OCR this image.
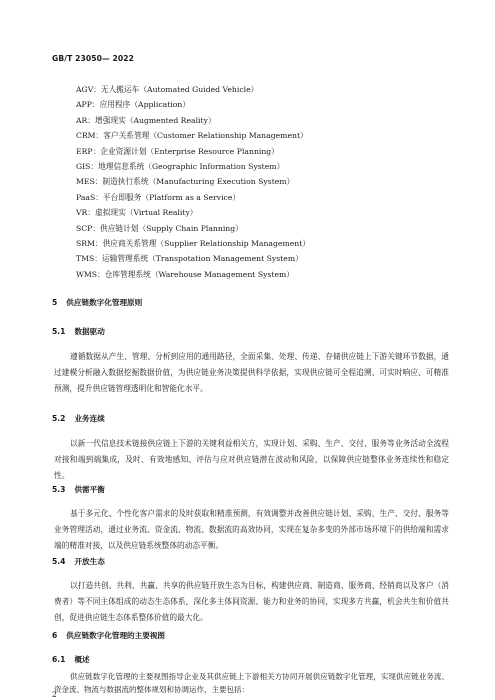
GB/T 23050— 2022
AGV：无人搬运车（Automated Guided Vehicle）
APP：应用程序（Application）
AR：增强现实（Augmented Reality）
CRM：客户关系管理（Customer Relationship Management）
ERP：企业资源计划（Enterprise Resource Planning）
GIS：地理信息系统（Geographic Information System）
MES：制造执行系统（Manufacturing Execution System）
PaaS：平台即服务（Platform as a Service）
VR：虚拟现实（Virtual Reality）
SCP：供应链计划（Supply Chain Planning）
SRM：供应商关系管理（Supplier Relationship Management）
TMS：运输管理系统（Transpotation Management System）
WMS：仓库管理系统（Warehouse Management System）
5 供应链数字化管理原则
5.1 数据驱动

遵循数据从产生、管理、分析到应用的通用路径，全面采集、处理、传递、存储供应链上下游关键环节数据，通过建模分析融入数据挖掘数据价值，为供应链业务决策提供科学依据，实现供应链可全程追溯、可实时响应、可精准预测，提升供应链管理透明化和智能化水平。

5.2 业务连续

以新一代信息技术链接供应链上下游的关键利益相关方，实现计划、采购、生产、交付、服务等业务活动全流程对接和端到端集成，及时、有效地感知、评估与应对供应链潜在波动和风险，以保障供应链整体业务连续性和稳定性。

5.3 供需平衡

基于多元化、个性化客户需求的及时获取和精准预测，有效调整并改善供应链计划、采购、生产、交付、服务等业务管理活动，通过业务流、资金流、物流、数据流的高效协同，实现在复杂多变的外部市场环境下的供给端和需求端的精准对接，以及供应链系统整体的动态平衡。

5.4 开放生态

以打造共创、共利、共赢、共享的供应链开放生态为目标，构建供应商、制造商、服务商、经销商以及客户（消费者）等不同主体组成的动态生态体系，深化多主体间资源、能力和业务的协同，实现多方共赢，机会共生和价值共创，促进供应链生态体系整体价值的最大化。

6 供应链数字化管理的主要视图
6.1 概述

供应链数字化管理的主要视图指导企业及其供应链上下游相关方协同开展供应链数字化管理，实现供应链业务流、资金流、物流与数据流的整体规划和协调运作，主要包括：

2
